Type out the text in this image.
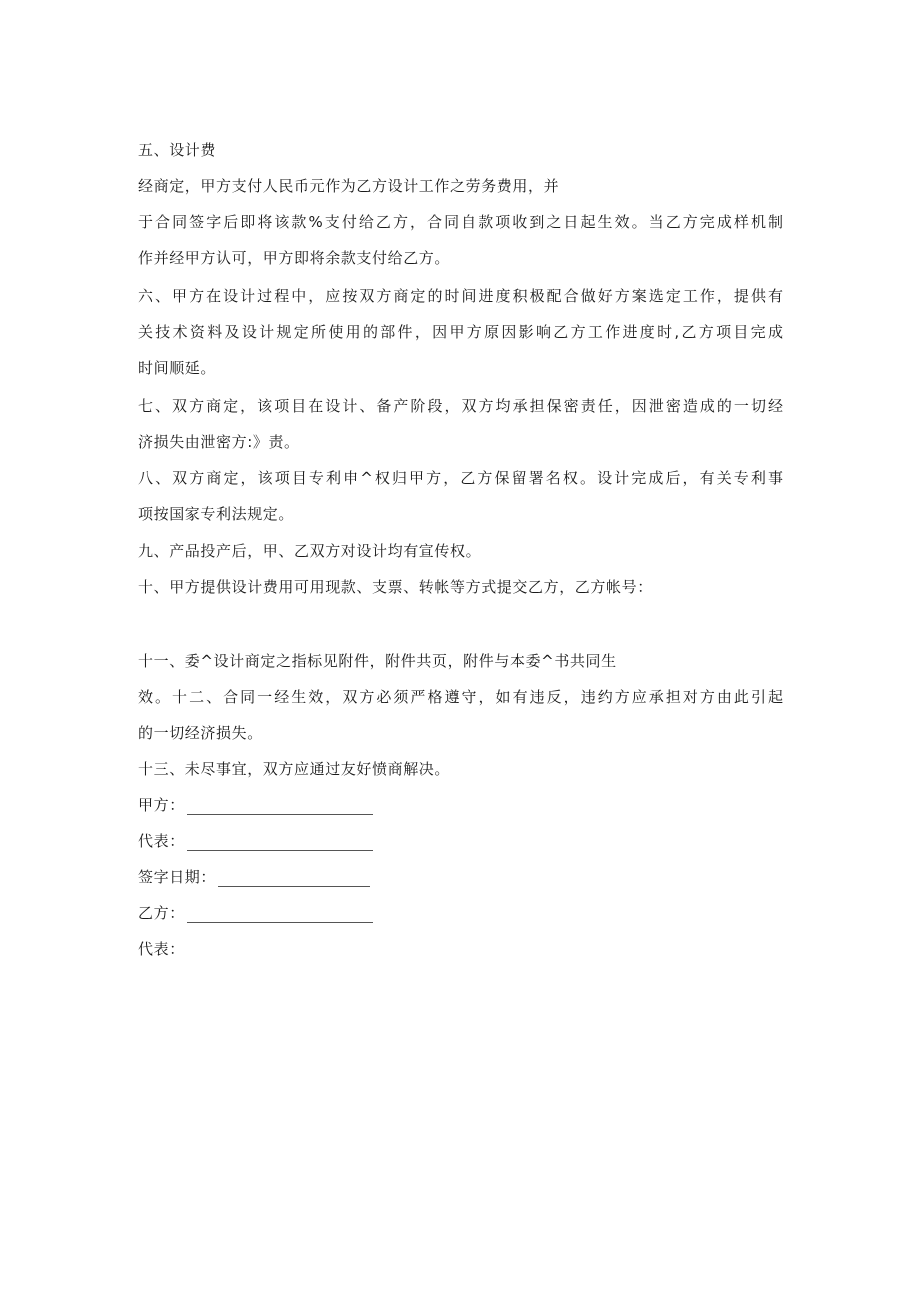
五、设计费
经商定，甲方支付人民币元作为乙方设计工作之劳务费用，并
于合同签字后即将该款%支付给乙方，合同自款项收到之日起生效。当乙方完成样机制
作并经甲方认可，甲方即将余款支付给乙方。
六、甲方在设计过程中，应按双方商定的时间进度积极配合做好方案选定工作，提供有
关技术资料及设计规定所使用的部件，因甲方原因影响乙方工作进度时,乙方项目完成
时间顺延。
七、双方商定，该项目在设计、备产阶段，双方均承担保密责任，因泄密造成的一切经
济损失由泄密方:》责。
八、双方商定，该项目专利申^权归甲方，乙方保留署名权。设计完成后，有关专利事
项按国家专利法规定。
九、产品投产后，甲、乙双方对设计均有宣传权。
十、甲方提供设计费用可用现款、支票、转帐等方式提交乙方，乙方帐号：
十一、委^设计商定之指标见附件，附件共页，附件与本委^书共同生
效。十二、合同一经生效，双方必须严格遵守，如有违反，违约方应承担对方由此引起
的一切经济损失。
十三、未尽事宜，双方应通过友好愤商解决。
甲方：
代表：
签字日期：
乙方：
代表：
